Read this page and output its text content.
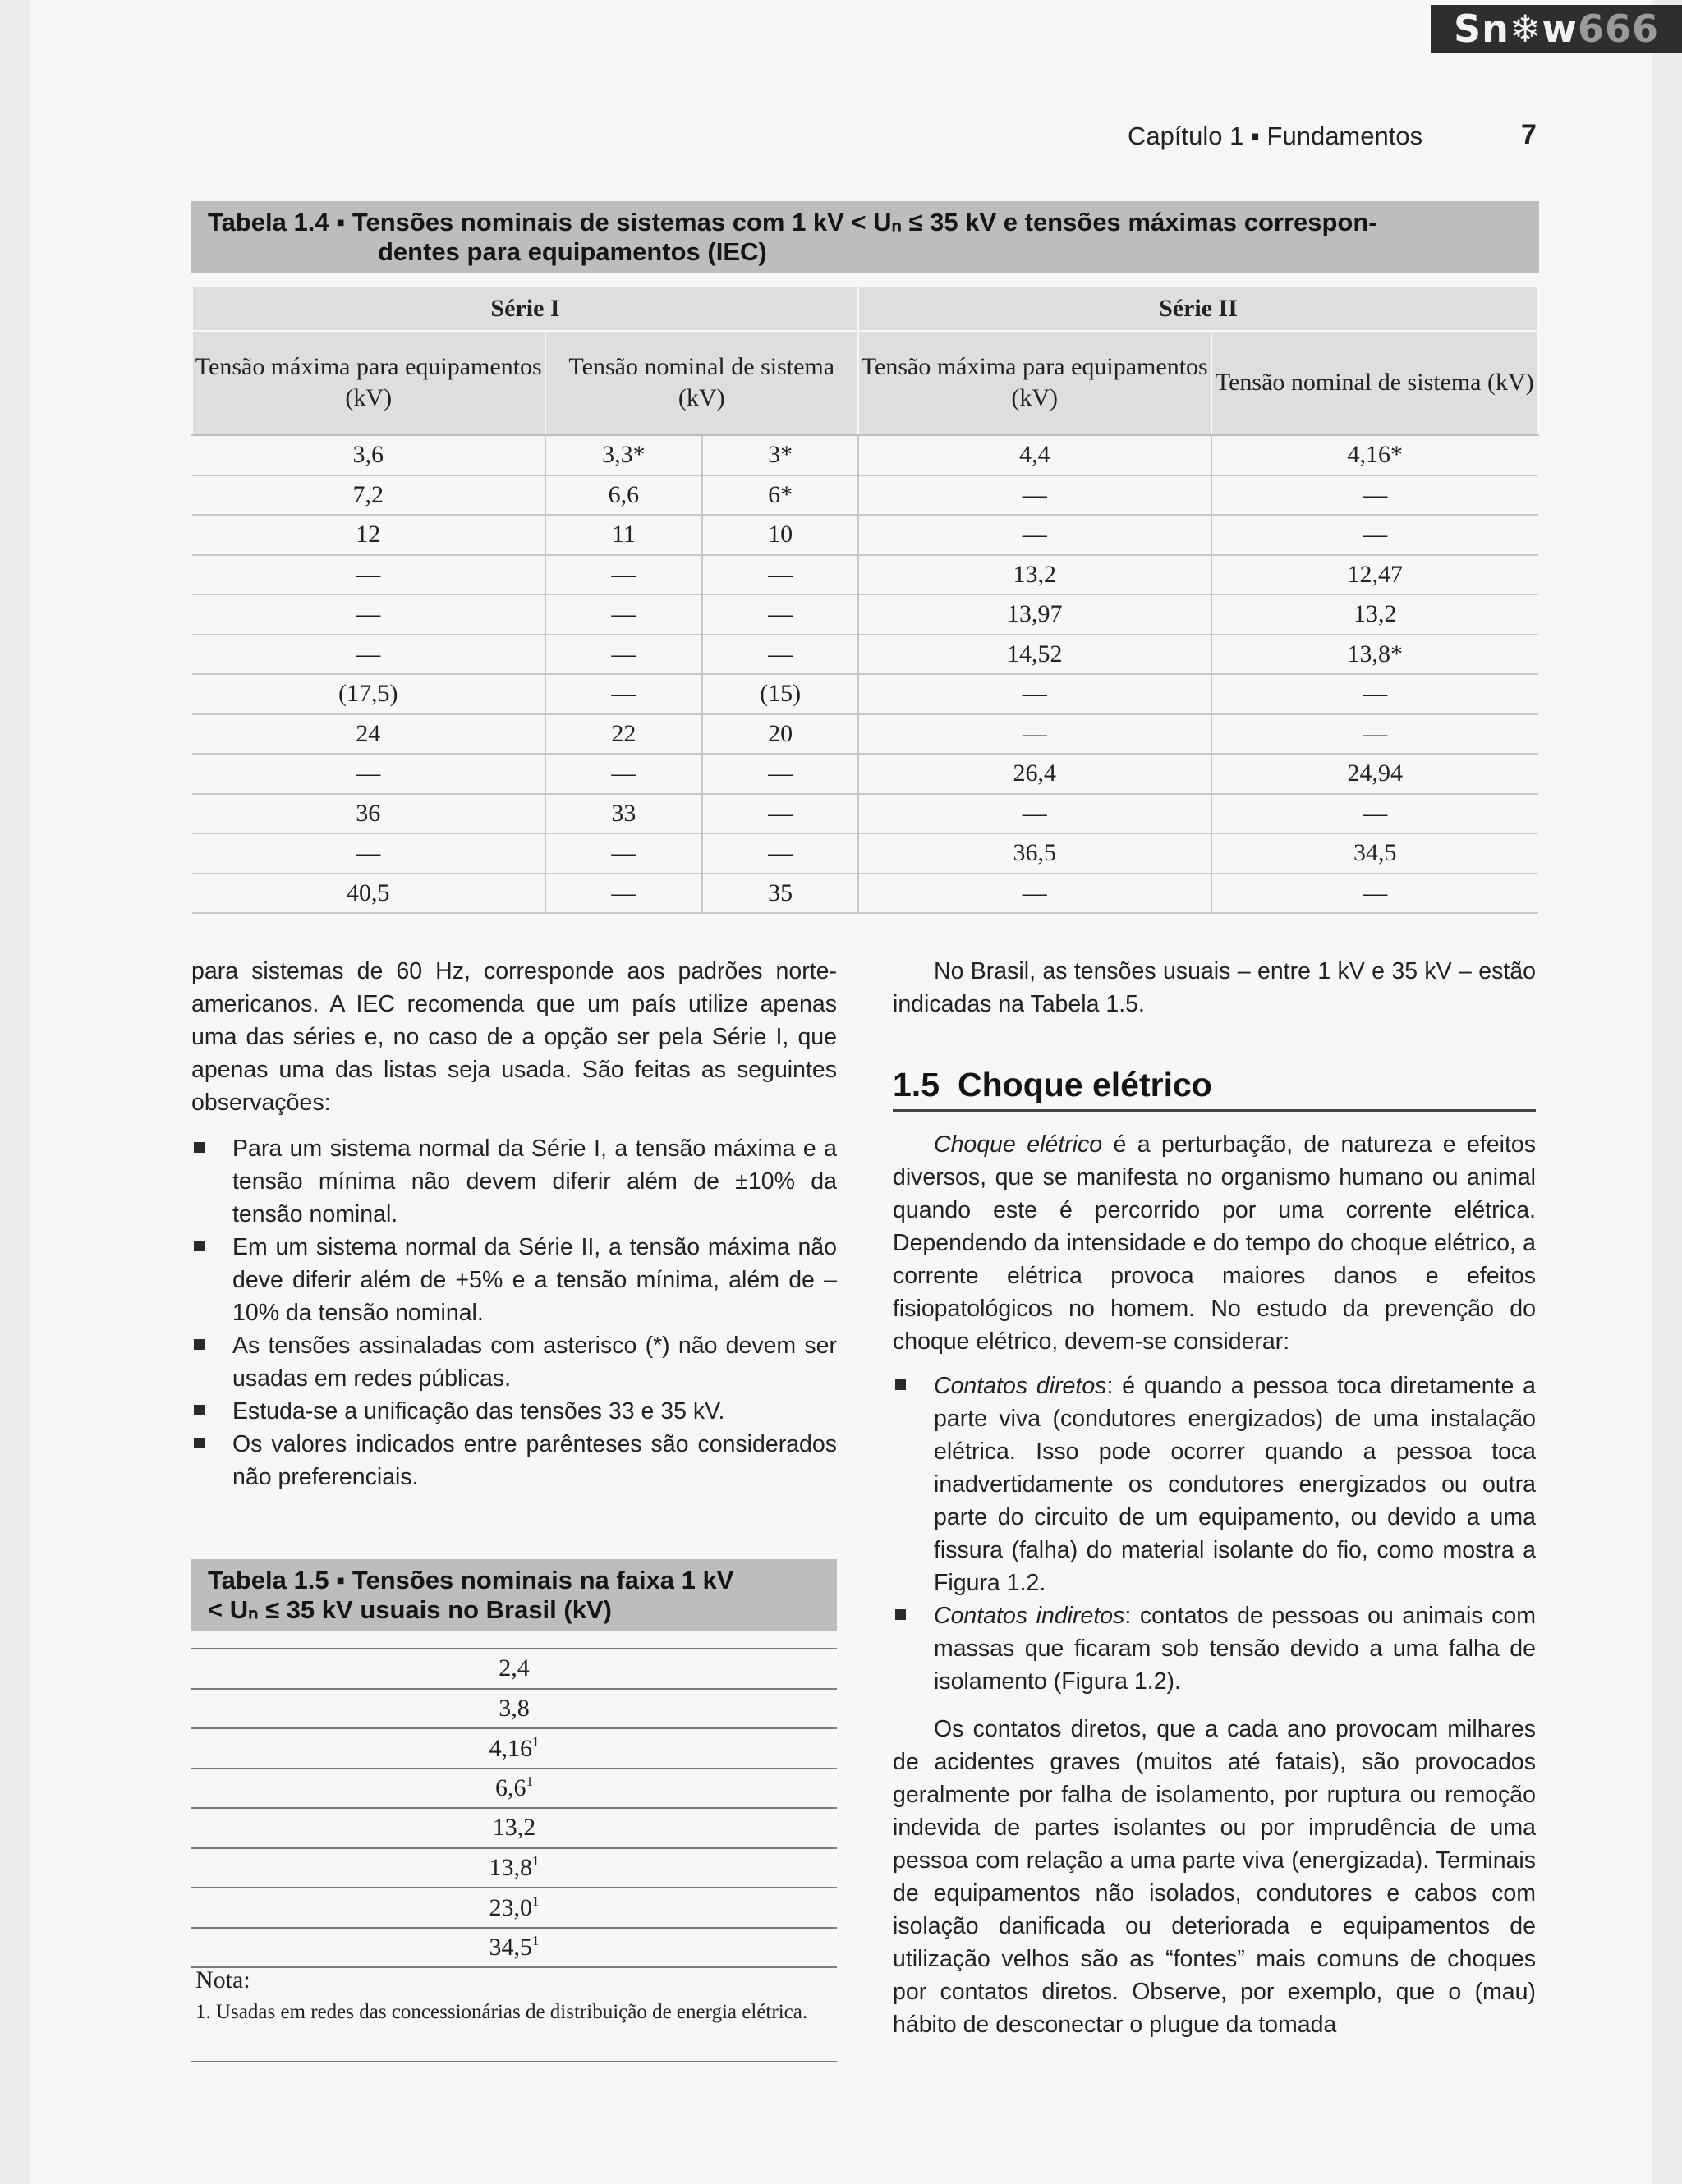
Sn❄w666
Capítulo 1 ▪ Fundamentos	7
Tabela 1.4 ▪ Tensões nominais de sistemas com 1 kV < Uₙ ≤ 35 kV e tensões máximas correspon-
dentes para equipamentos (IEC)
Série I			Série II	
Tensão máxima para equipamentos (kV)	Tensão nominal de sistema (kV)		Tensão máxima para equipamentos (kV)	Tensão nominal de sistema (kV)
3,6	3,3*	3*	4,4	4,16*
7,2	6,6	6*	—	—
12	11	10	—	—
—	—	—	13,2	12,47
—	—	—	13,97	13,2
—	—	—	14,52	13,8*
(17,5)	—	(15)	—	—
24	22	20	—	—
—	—	—	26,4	24,94
36	33	—	—	—
—	—	—	36,5	34,5
40,5	—	35	—	—

para sistemas de 60 Hz, corresponde aos padrões norte-americanos. A IEC recomenda que um país utilize apenas uma das séries e, no caso de a opção ser pela Série I, que apenas uma das listas seja usada. São feitas as seguintes observações:

Para um sistema normal da Série I, a tensão máxima e a tensão mínima não devem diferir além de ±10% da tensão nominal.
Em um sistema normal da Série II, a tensão máxima não deve diferir além de +5% e a tensão mínima, além de –10% da tensão nominal.
As tensões assinaladas com asterisco (*) não devem ser usadas em redes públicas.
Estuda-se a unificação das tensões 33 e 35 kV.
Os valores indicados entre parênteses são considerados não preferenciais.
Tabela 1.5 ▪ Tensões nominais na faixa 1 kV
< Uₙ ≤ 35 kV usuais no Brasil (kV)
2,4
3,8
4,16$^1$
$6,6^1$
13,2
13,8$^1$
23,0$^1$
34,5$^1$
Nota:
1. Usadas em redes das concessionárias de distribuição de energia elétrica.

No Brasil, as tensões usuais – entre 1 kV e 35 kV – estão indicadas na Tabela 1.5.

1.5 Choque elétrico

Choque elétrico é a perturbação, de natureza e efeitos diversos, que se manifesta no organismo humano ou animal quando este é percorrido por uma corrente elétrica. Dependendo da intensidade e do tempo do choque elétrico, a corrente elétrica provoca maiores danos e efeitos fisiopatológicos no homem. No estudo da prevenção do choque elétrico, devem-se considerar:

Contatos diretos: é quando a pessoa toca diretamente a parte viva (condutores energizados) de uma instalação elétrica. Isso pode ocorrer quando a pessoa toca inadvertidamente os condutores energizados ou outra parte do circuito de um equipamento, ou devido a uma fissura (falha) do material isolante do fio, como mostra a Figura 1.2.
Contatos indiretos: contatos de pessoas ou animais com massas que ficaram sob tensão devido a uma falha de isolamento (Figura 1.2).

Os contatos diretos, que a cada ano provocam milhares de acidentes graves (muitos até fatais), são provocados geralmente por falha de isolamento, por ruptura ou remoção indevida de partes isolantes ou por imprudência de uma pessoa com relação a uma parte viva (energizada). Terminais de equipamentos não isolados, condutores e cabos com isolação danificada ou deteriorada e equipamentos de utilização velhos são as “fontes” mais comuns de choques por contatos diretos. Observe, por exemplo, que o (mau) hábito de desconectar o plugue da tomada
